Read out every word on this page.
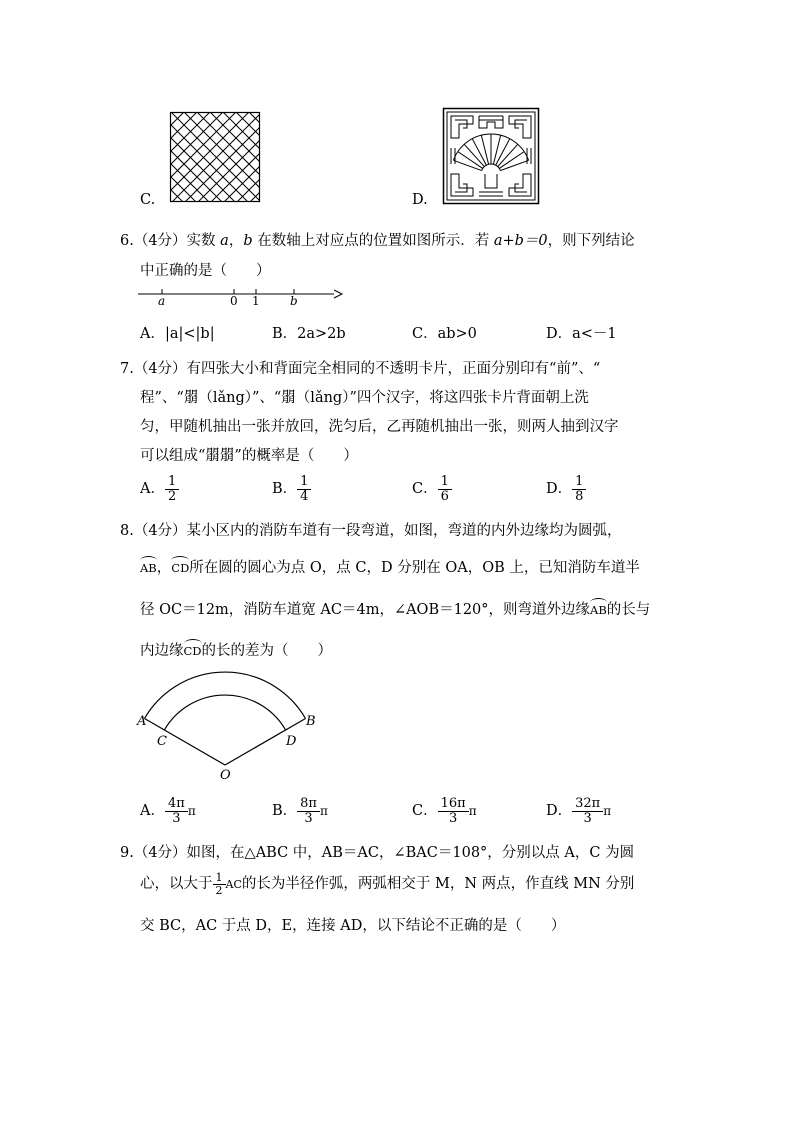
C.	D.
6.（4分）实数 a，b 在数轴上对应点的位置如图所示．若 a+b＝0，则下列结论
中正确的是（　　）
a	0 1	b
A．|a|<|b|	B．2a>2b	C．ab>0	D．a<－1
7.（4分）有四张大小和背面完全相同的不透明卡片，正面分别印有“前”、“
程”、“朤（lǎng）”、“朤（lǎng）”四个汉字，将这四张卡片背面朝上洗
匀，甲随机抽出一张并放回，洗匀后，乙再随机抽出一张，则两人抽到汉字
可以组成“朤朤”的概率是（　　）
A． $\frac{1}{2}$	B． $\frac{1}{4}$	C． $\frac{1}{6}$	D． $\frac{1}{8}$
8.（4分）某小区内的消防车道有一段弯道，如图，弯道的内外边缘均为圆弧，
AB，CD所在圆的圆心为点 O，点 C，D 分别在 OA，OB 上，已知消防车道半
径 OC＝12m，消防车道宽 AC＝4m，∠AOB＝120°，则弯道外边缘AB的长与
内边缘CD的长的差为（　　）
A	B
C	D
O
A． $\frac{4\pi}{3}$ π	B． $\frac{8\pi}{3}$ π	C． $\frac{16\pi}{3}$ π	D． $\frac{32\pi}{3}$ π
9.（4分）如图，在△ABC 中，AB＝AC，∠BAC＝108°，分别以点 A，C 为圆
心，以大于 $\frac{1}{2}$ AC的长为半径作弧，两弧相交于 M，N 两点，作直线 MN 分别
交 BC，AC 于点 D，E，连接 AD，以下结论不正确的是（　　）
